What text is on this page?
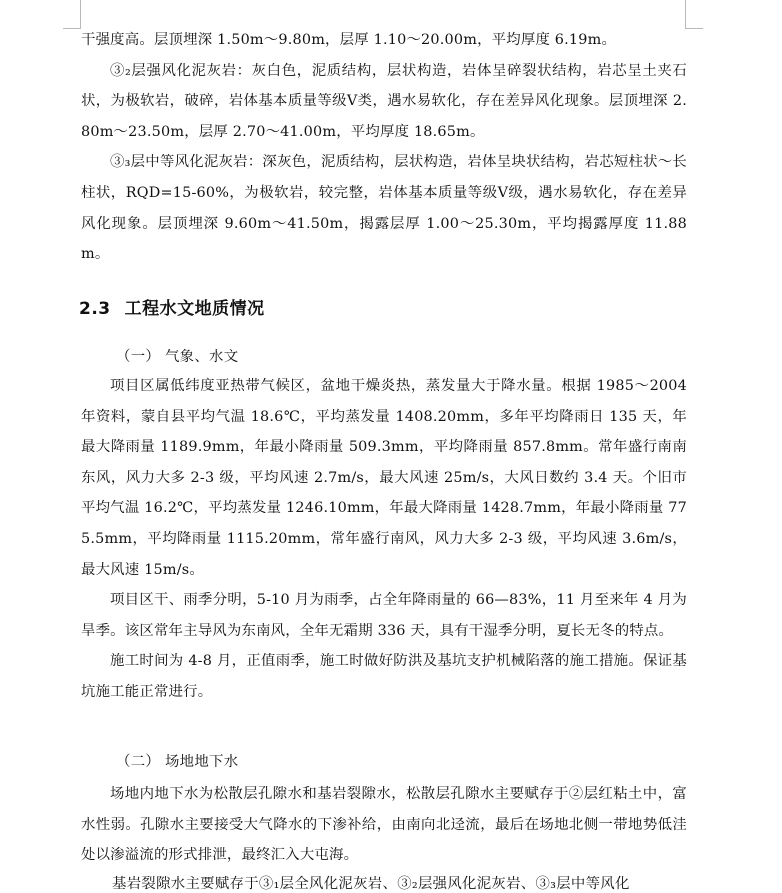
干强度高。层顶埋深 1.50m～9.80m，层厚 1.10～20.00m，平均厚度 6.19m。

③₂层强风化泥灰岩：灰白色，泥质结构，层状构造，岩体呈碎裂状结构，岩芯呈土夹石状，为极软岩，破碎，岩体基本质量等级Ⅴ类，遇水易软化，存在差异风化现象。层顶埋深 2.80m～23.50m，层厚 2.70～41.00m，平均厚度 18.65m。

③₃层中等风化泥灰岩：深灰色，泥质结构，层状构造，岩体呈块状结构，岩芯短柱状～长柱状，RQD=15-60%，为极软岩，较完整，岩体基本质量等级Ⅴ级，遇水易软化，存在差异风化现象。层顶埋深 9.60m～41.50m，揭露层厚 1.00～25.30m，平均揭露厚度 11.88m。

2.3 工程水文地质情况
（一） 气象、水文

项目区属低纬度亚热带气候区，盆地干燥炎热，蒸发量大于降水量。根据 1985～2004 年资料，蒙自县平均气温 18.6℃，平均蒸发量 1408.20mm，多年平均降雨日 135 天，年最大降雨量 1189.9mm，年最小降雨量 509.3mm，平均降雨量 857.8mm。常年盛行南南东风，风力大多 2-3 级，平均风速 2.7m/s，最大风速 25m/s，大风日数约 3.4 天。个旧市平均气温 16.2℃，平均蒸发量 1246.10mm，年最大降雨量 1428.7mm，年最小降雨量 775.5mm，平均降雨量 1115.20mm，常年盛行南风，风力大多 2-3 级，平均风速 3.6m/s，最大风速 15m/s。

项目区干、雨季分明，5-10 月为雨季，占全年降雨量的 66—83%，11 月至来年 4 月为旱季。该区常年主导风为东南风，全年无霜期 336 天，具有干湿季分明，夏长无冬的特点。

施工时间为 4-8 月，正值雨季，施工时做好防洪及基坑支护机械陷落的施工措施。保证基坑施工能正常进行。

（二） 场地地下水

场地内地下水为松散层孔隙水和基岩裂隙水，松散层孔隙水主要赋存于②层红粘土中，富水性弱。孔隙水主要接受大气降水的下渗补给，由南向北迳流，最后在场地北侧一带地势低洼处以渗溢流的形式排泄，最终汇入大屯海。

基岩裂隙水主要赋存于③₁层全风化泥灰岩、③₂层强风化泥灰岩、③₃层中等风化
